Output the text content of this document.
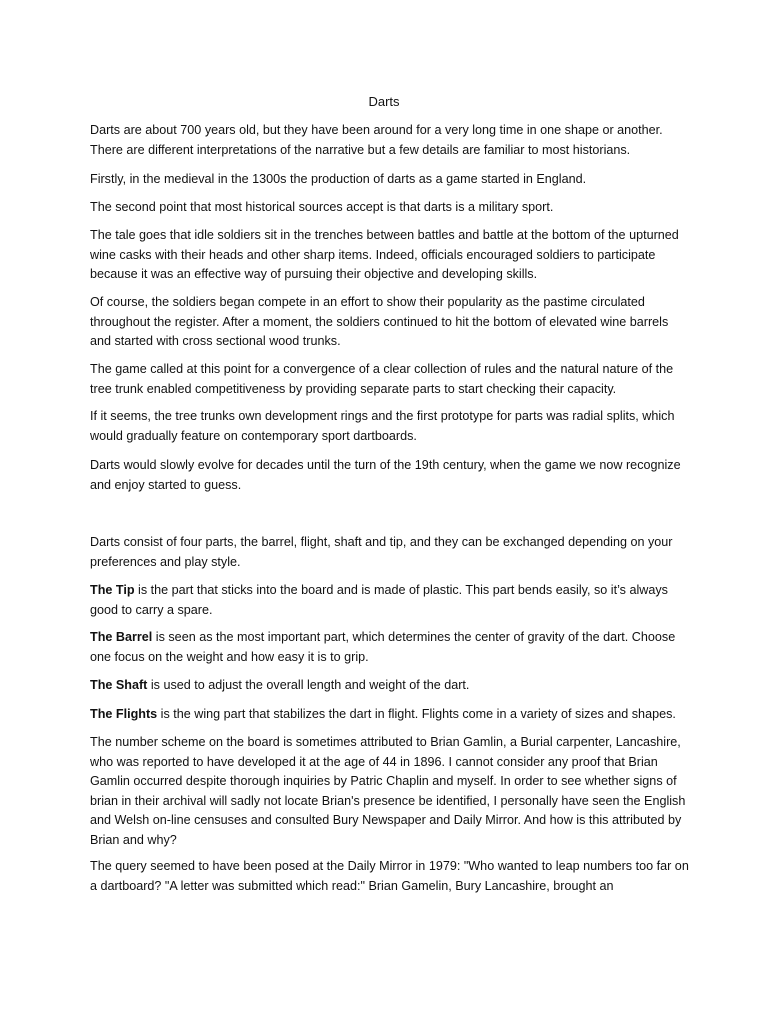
Darts

Darts are about 700 years old, but they have been around for a very long time in one shape or another. There are different interpretations of the narrative but a few details are familiar to most historians.

Firstly, in the medieval in the 1300s the production of darts as a game started in England.

The second point that most historical sources accept is that darts is a military sport.

The tale goes that idle soldiers sit in the trenches between battles and battle at the bottom of the upturned wine casks with their heads and other sharp items. Indeed, officials encouraged soldiers to participate because it was an effective way of pursuing their objective and developing skills.

Of course, the soldiers began compete in an effort to show their popularity as the pastime circulated throughout the register. After a moment, the soldiers continued to hit the bottom of elevated wine barrels and started with cross sectional wood trunks.

The game called at this point for a convergence of a clear collection of rules and the natural nature of the tree trunk enabled competitiveness by providing separate parts to start checking their capacity.

If it seems, the tree trunks own development rings and the first prototype for parts was radial splits, which would gradually feature on contemporary sport dartboards.

Darts would slowly evolve for decades until the turn of the 19th century, when the game we now recognize and enjoy started to guess.

Darts consist of four parts, the barrel, flight, shaft and tip, and they can be exchanged depending on your preferences and play style.

The Tip is the part that sticks into the board and is made of plastic. This part bends easily, so it’s always good to carry a spare.

The Barrel is seen as the most important part, which determines the center of gravity of the dart. Choose one focus on the weight and how easy it is to grip.

The Shaft is used to adjust the overall length and weight of the dart.

The Flights is the wing part that stabilizes the dart in flight. Flights come in a variety of sizes and shapes.

The number scheme on the board is sometimes attributed to Brian Gamlin, a Burial carpenter, Lancashire, who was reported to have developed it at the age of 44 in 1896. I cannot consider any proof that Brian Gamlin occurred despite thorough inquiries by Patric Chaplin and myself. In order to see whether signs of brian in their archival will sadly not locate Brian's presence be identified, I personally have seen the English and Welsh on-line censuses and consulted Bury Newspaper and Daily Mirror. And how is this attributed by Brian and why?

The query seemed to have been posed at the Daily Mirror in 1979: "Who wanted to leap numbers too far on a dartboard? "A letter was submitted which read:" Brian Gamelin, Bury Lancashire, brought an
